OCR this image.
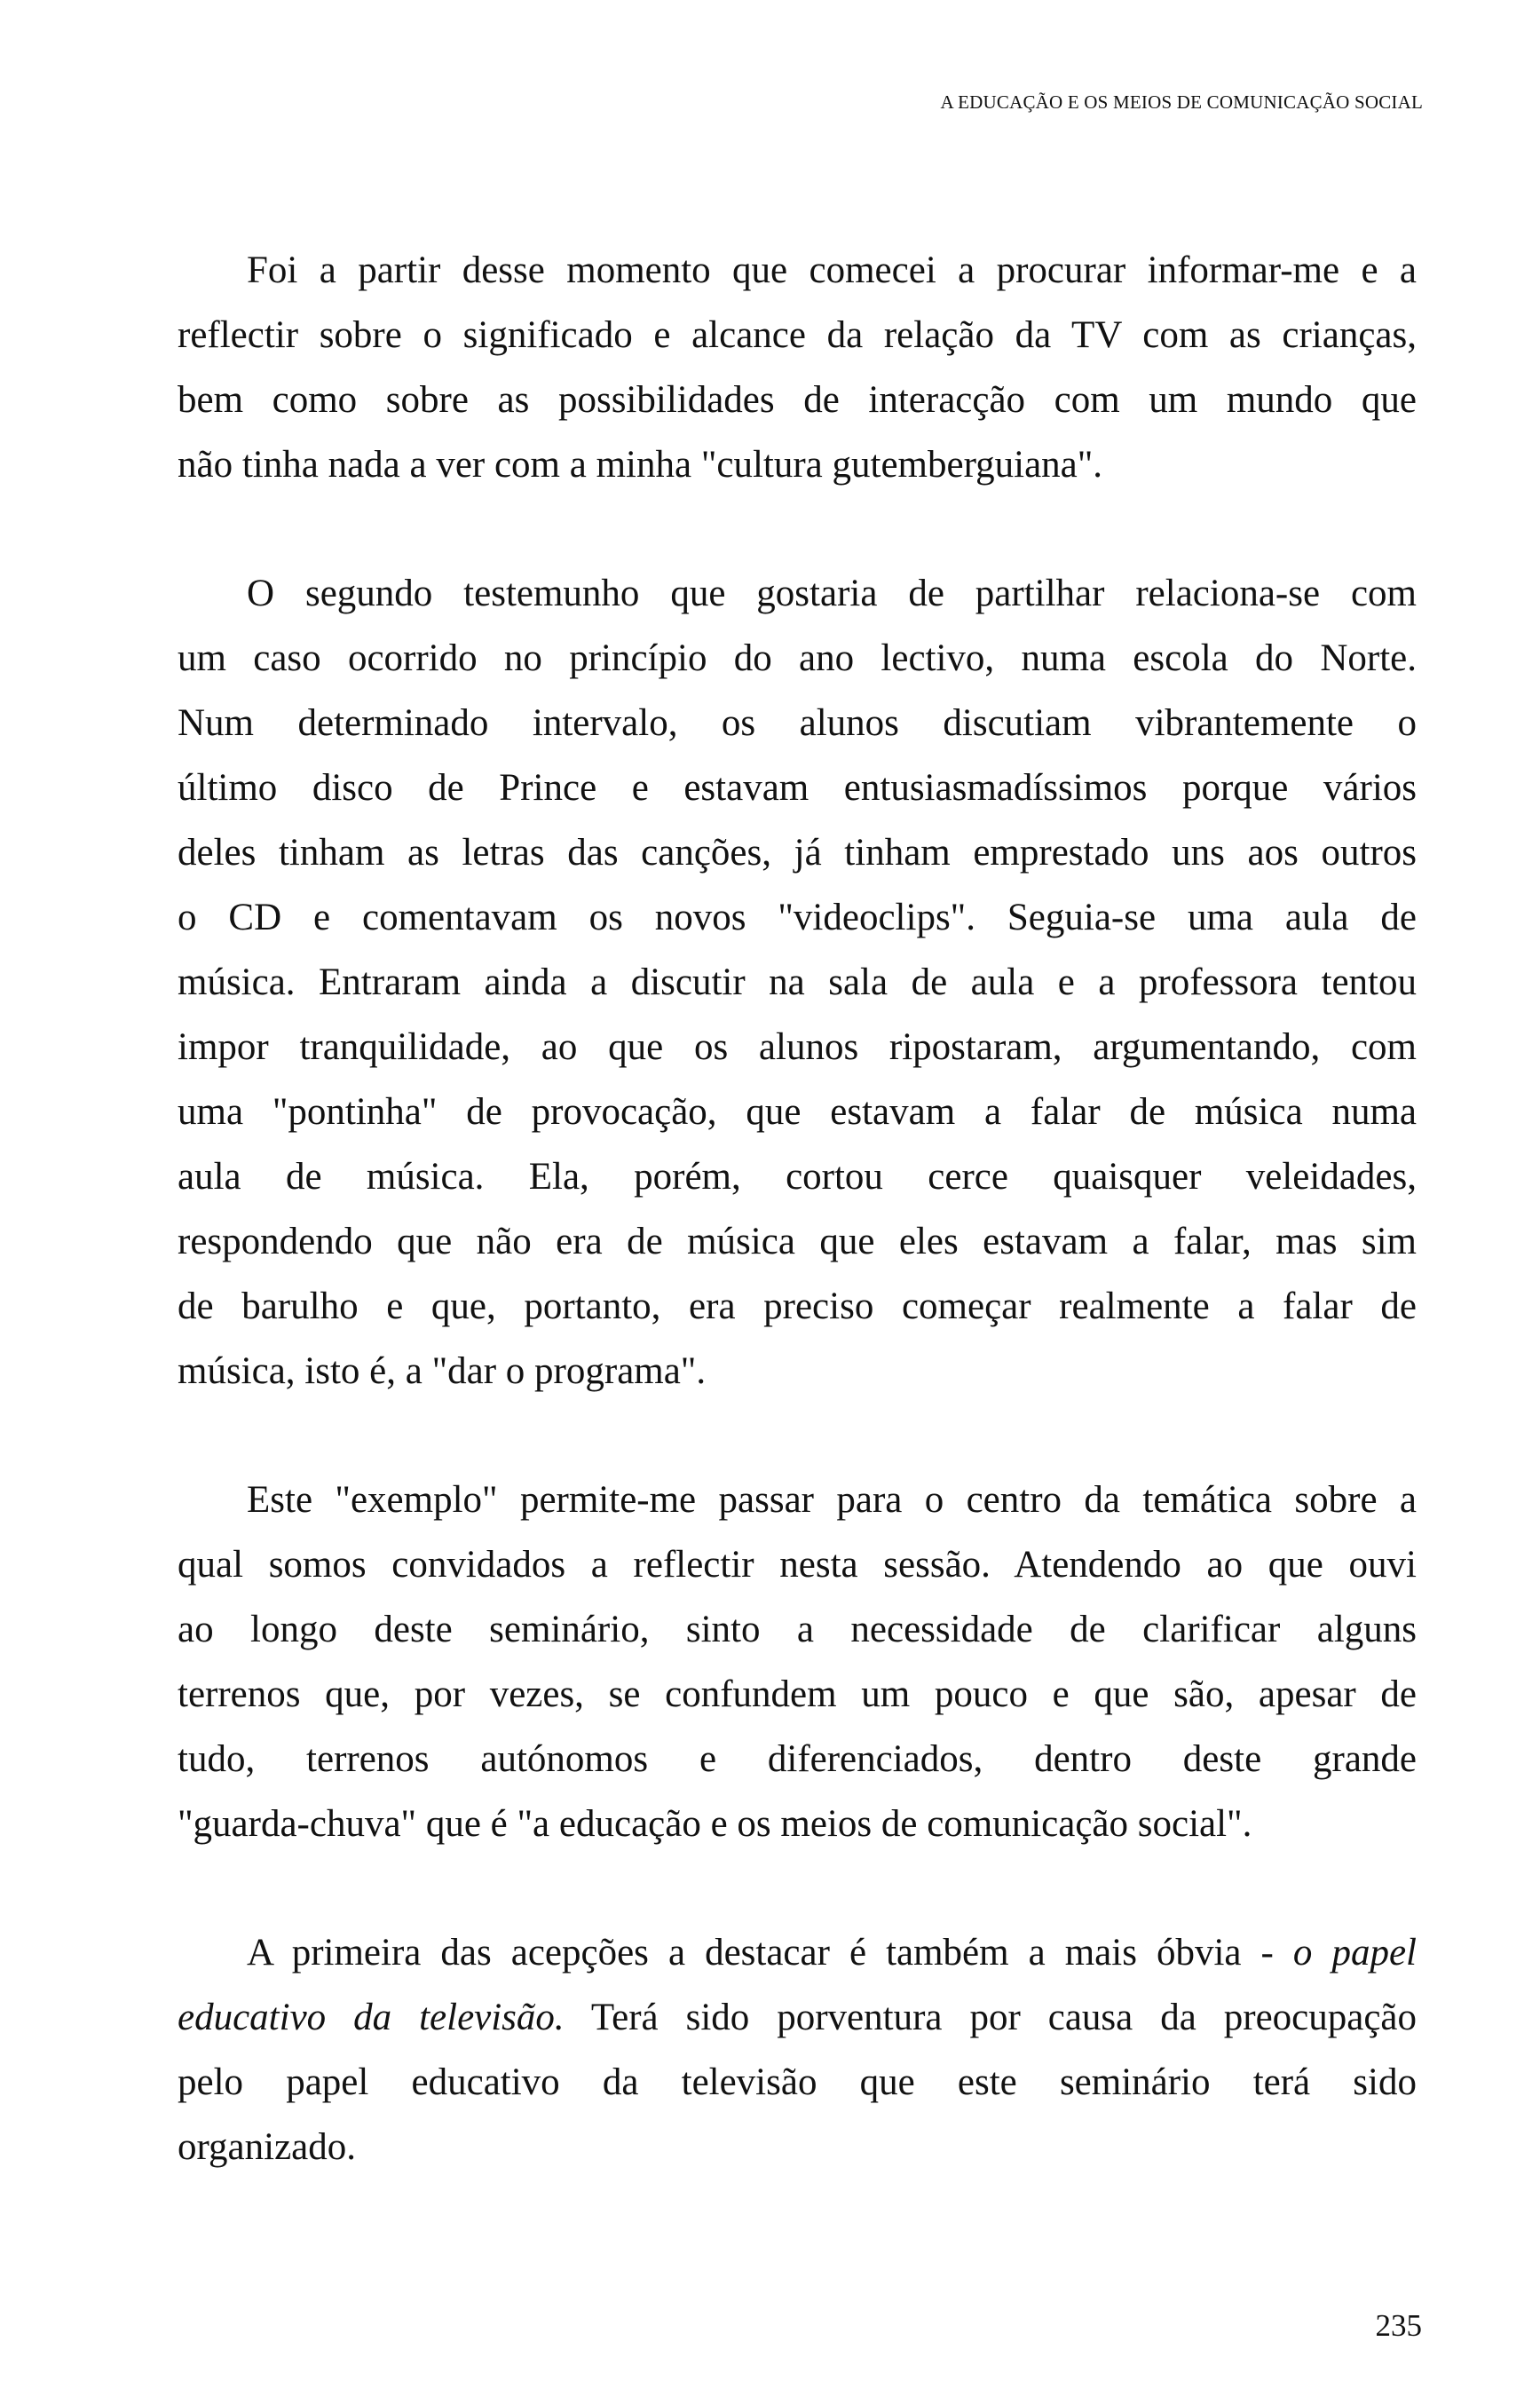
A EDUCAÇÃO E OS MEIOS DE COMUNICAÇÃO SOCIAL
Foi a partir desse momento que comecei a procurar informar-me e a
reflectir sobre o significado e alcance da relação da TV com as crianças,
bem como sobre as possibilidades de interacção com um mundo que
não tinha nada a ver com a minha "cultura gutemberguiana".
O segundo testemunho que gostaria de partilhar relaciona-se com
um caso ocorrido no princípio do ano lectivo, numa escola do Norte.
Num determinado intervalo, os alunos discutiam vibrantemente o
último disco de Prince e estavam entusiasmadíssimos porque vários
deles tinham as letras das canções, já tinham emprestado uns aos outros
o CD e comentavam os novos "videoclips". Seguia-se uma aula de
música. Entraram ainda a discutir na sala de aula e a professora tentou
impor tranquilidade, ao que os alunos ripostaram, argumentando, com
uma "pontinha" de provocação, que estavam a falar de música numa
aula de música. Ela, porém, cortou cerce quaisquer veleidades,
respondendo que não era de música que eles estavam a falar, mas sim
de barulho e que, portanto, era preciso começar realmente a falar de
música, isto é, a "dar o programa".
Este "exemplo" permite-me passar para o centro da temática sobre a
qual somos convidados a reflectir nesta sessão. Atendendo ao que ouvi
ao longo deste seminário, sinto a necessidade de clarificar alguns
terrenos que, por vezes, se confundem um pouco e que são, apesar de
tudo, terrenos autónomos e diferenciados, dentro deste grande
"guarda-chuva" que é "a educação e os meios de comunicação social".
A primeira das acepções a destacar é também a mais óbvia - o papel
educativo da televisão. Terá sido porventura por causa da preocupação
pelo papel educativo da televisão que este seminário terá sido
organizado.
235
